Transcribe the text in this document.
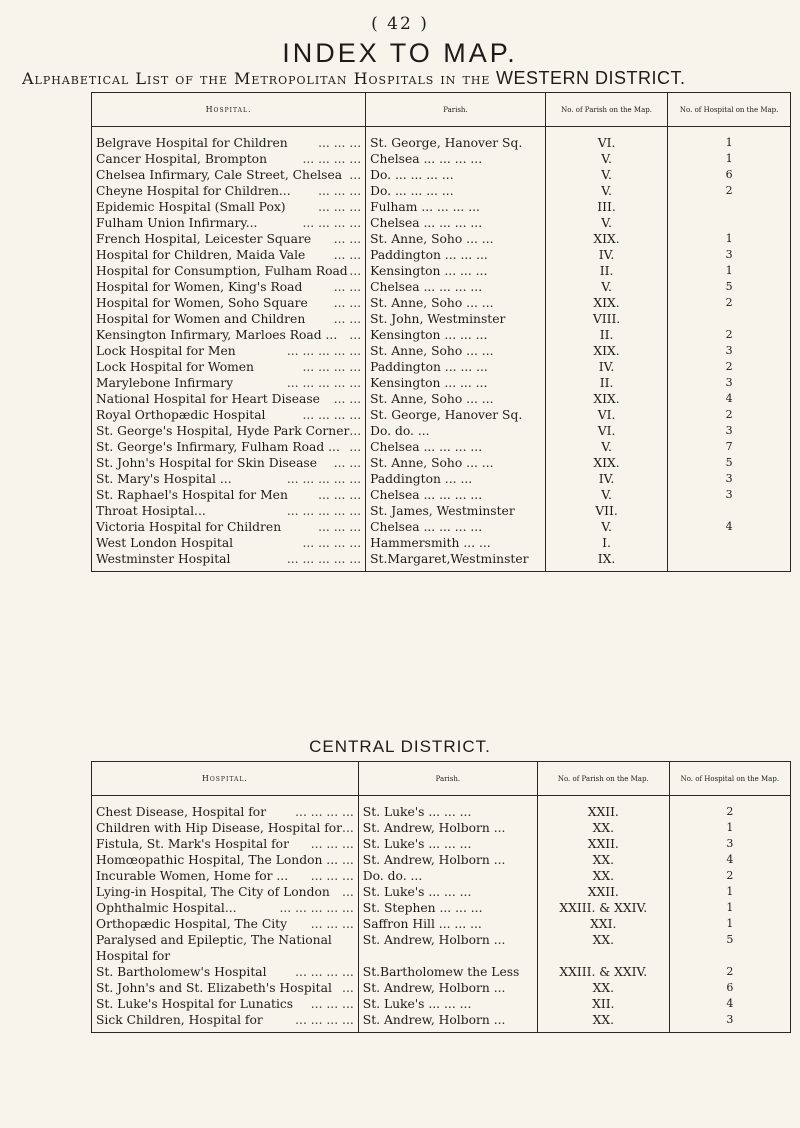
( 42 )
INDEX TO MAP.
Alphabetical List of the Metropolitan Hospitals in the WESTERN DISTRICT.
Hospital.	Parish.	No. of Parish on the Map.	No. of Hospital on the Map.

Belgrave Hospital for Children ... ... ...	St. George, Hanover Sq.	VI.	1

Cancer Hospital, Brompton ... ... ... ...	Chelsea ... ... ... ...	V.	1

Chelsea Infirmary, Cale Street, Chelsea ...	Do. ... ... ... ...	V.	6

Cheyne Hospital for Children... ... ... ...	Do. ... ... ... ...	V.	2

Epidemic Hospital (Small Pox) ... ... ...	Fulham ... ... ... ...	III.	

Fulham Union Infirmary... ... ... ... ...	Chelsea ... ... ... ...	V.	

French Hospital, Leicester Square ... ...	St. Anne, Soho ... ...	XIX.	1

Hospital for Children, Maida Vale ... ...	Paddington ... ... ...	IV.	3

Hospital for Consumption, Fulham Road ...	Kensington ... ... ...	II.	1

Hospital for Women, King's Road ... ...	Chelsea ... ... ... ...	V.	5

Hospital for Women, Soho Square ... ...	St. Anne, Soho ... ...	XIX.	2

Hospital for Women and Children ... ...	St. John, Westminster	VIII.	

Kensington Infirmary, Marloes Road ... ...	Kensington ... ... ...	II.	2

Lock Hospital for Men ... ... ... ... ...	St. Anne, Soho ... ...	XIX.	3

Lock Hospital for Women ... ... ... ...	Paddington ... ... ...	IV.	2

Marylebone Infirmary ... ... ... ... ...	Kensington ... ... ...	II.	3

National Hospital for Heart Disease ... ...	St. Anne, Soho ... ...	XIX.	4

Royal Orthopædic Hospital ... ... ... ...	St. George, Hanover Sq.	VI.	2

St. George's Hospital, Hyde Park Corner ...	Do. do. ...	VI.	3

St. George's Infirmary, Fulham Road ... ...	Chelsea ... ... ... ...	V.	7

St. John's Hospital for Skin Disease ... ...	St. Anne, Soho ... ...	XIX.	5

St. Mary's Hospital ... ... ... ... ... ...	Paddington ... ...	IV.	3

St. Raphael's Hospital for Men ... ... ...	Chelsea ... ... ... ...	V.	3

Throat Hosiptal... ... ... ... ... ...	St. James, Westminster	VII.	

Victoria Hospital for Children ... ... ...	Chelsea ... ... ... ...	V.	4

West London Hospital ... ... ... ...	Hammersmith ... ...	I.	

Westminster Hospital ... ... ... ... ...	St.Margaret,Westminster	IX.	
CENTRAL DISTRICT.
Hospital.	Parish.	No. of Parish on the Map.	No. of Hospital on the Map.

Chest Disease, Hospital for ... ... ... ...	St. Luke's ... ... ...	XXII.	2

Children with Hip Disease, Hospital for ...	St. Andrew, Holborn ...	XX.	1

Fistula, St. Mark's Hospital for ... ... ...	St. Luke's ... ... ...	XXII.	3

Homœopathic Hospital, The London ... ...	St. Andrew, Holborn ...	XX.	4

Incurable Women, Home for ... ... ... ...	Do. do. ...	XX.	2

Lying-in Hospital, The City of London ...	St. Luke's ... ... ...	XXII.	1

Ophthalmic Hospital... ... ... ... ... ...	St. Stephen ... ... ...	XXIII. & XXIV.	1

Orthopædic Hospital, The City ... ... ...	Saffron Hill ... ... ...	XXI.	1

Paralysed and Epileptic, The National Hospital for	St. Andrew, Holborn ...	XX.	5

St. Bartholomew's Hospital ... ... ... ...	St.Bartholomew the Less	XXIII. & XXIV.	2

St. John's and St. Elizabeth's Hospital ...	St. Andrew, Holborn ...	XX.	6

St. Luke's Hospital for Lunatics ... ... ...	St. Luke's ... ... ...	XII.	4

Sick Children, Hospital for ... ... ... ...	St. Andrew, Holborn ...	XX.	3
